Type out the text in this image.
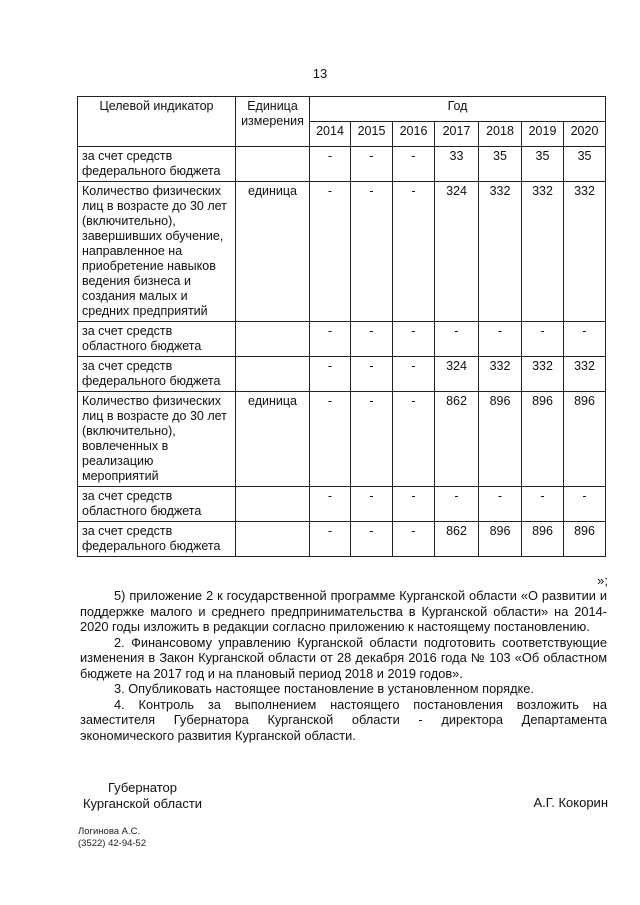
13
Целевой индикатор	Единица измерения	Год						
		2014	2015	2016	2017	2018	2019	2020
за счет средств федерального бюджета		-	-	-	33	35	35	35
Количество физических лиц в возрасте до 30 лет (включительно), завершивших обучение, направленное на приобретение навыков ведения бизнеса и создания малых и средних предприятий	единица	-	-	-	324	332	332	332
за счет средств областного бюджета		-	-	-	-	-	-	-
за счет средств федерального бюджета		-	-	-	324	332	332	332
Количество физических лиц в возрасте до 30 лет (включительно), вовлеченных в реализацию мероприятий	единица	-	-	-	862	896	896	896
за счет средств областного бюджета		-	-	-	-	-	-	-
за счет средств федерального бюджета		-	-	-	862	896	896	896
»;

5) приложение 2 к государственной программе Курганской области «О развитии и поддержке малого и среднего предпринимательства в Курганской области» на 2014-2020 годы изложить в редакции согласно приложению к настоящему постановлению.

2. Финансовому управлению Курганской области подготовить соответствующие изменения в Закон Курганской области от 28 декабря 2016 года № 103 «Об областном бюджете на 2017 год и на плановый период 2018 и 2019 годов».

3. Опубликовать настоящее постановление в установленном порядке.

4. Контроль за выполнением настоящего постановления возложить на заместителя Губернатора Курганской области - директора Департамента экономического развития Курганской области.

Губернатор
Курганской области	А.Г. Кокорин
Логинова А.С.
(3522) 42-94-52
